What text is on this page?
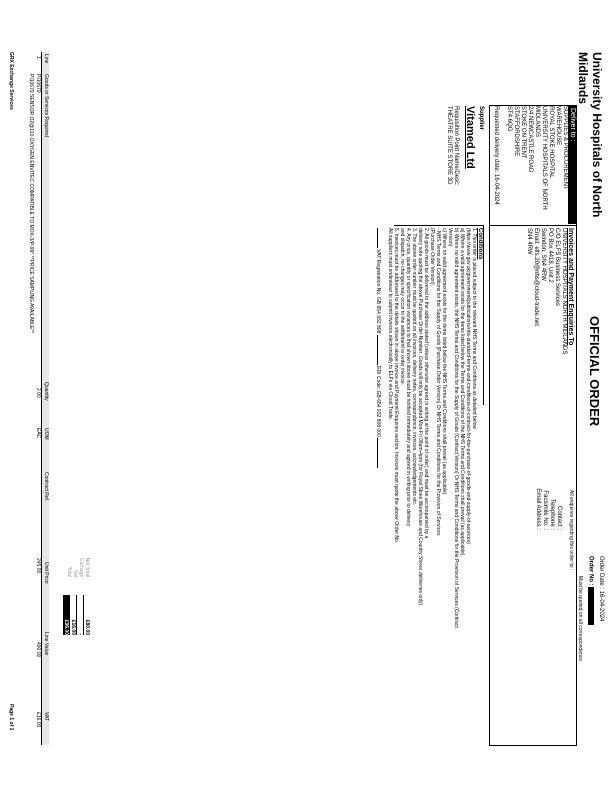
University Hospitals of North
Midlands
OFFICIAL ORDER
Order Date : 16-04-2024
Order No :
Must be quoted on all correspondence.
Deliver to :
SUPPLIES & PROCUREMENT WAREHOUSE
ROYAL STOKE HOSPITAL
UNIVERSITY HOSPITALS OF NORTH MIDLANDS
2/4 NEWCASTLE ROAD
STOKE ON TRENT
STAFFORDSHIRE
ST4 6QG
Requested delivery date: 16-04-2024
Invoices and Payment Enquiries To
UNIVERSITY HOSPITALS NORTH MIDLANDS
C/O ELFS Business Services
PO Box 4418, Unit 2
Swindon, SN4 4RW
Email: elfs.20@nhs@cloud-trade.net
SN4 4RW
All enquiries regarding this order to :
Contact :
Telephone :
Facsimile No. :
Email Address :
Supplier
Vitamed Ltd
Requisition Point Name/Desc:
THEATRE SUITE STORE 3D
Conditions
1. This order is placed subject to the relevant NHS Terms and Conditions as detailed below
(https://www.gov.uk/government/publications/nhs-standard-terms-and-conditions-of-contract-for-the-purchase-of-goods-and-supply-of-services)
a) Where a valid agreement exists for the items listed below the Terms and Conditions of the NHS Terms and Conditions shall prevail (as applicable).
b) Where no valid agreement exists, the NHS Terms and Conditions for the Supply of Goods (Contract Version) Or NHS Terms and Conditions for the Provision of Services (Contract
Version)
c) Where no valid agreement exists for the items listed below the NHS Terms and Conditions shall prevail (as applicable)
- NHS Terms and Conditions for the Supply of Goods (Purchase Order Version) Or NHS Terms and Conditions for the Provision of Services
(Purchase Order Version).
2. All goods must be delivered to the address stated (unless otherwise agreed in writing at the point of order) and must be accompanied by a
delivery note quoting the above Purchase Order Number. Goods will only be accepted Mon-Fri 08am-4pm (for Royal Stoke Warehouse and Country Stores deliveries only).
3. The above order number must be quoted on all invoices, delivery notes, correspondence, invoices, acknowledgements etc.
4. Any price, quantity or specification variances to that shown above must be notified immediately and agreed in writing prior to delivery
and dispatch, no changes may occur to the settlement or order invoice.
5. Invoices must be addressed to the details shown in above Invoice and Payment Enquiries section. Invoices must quote the above Order No.
All suppliers must endeavour to submit invoices electronically to ELFs via Cloud Trade.
VAT Registration No: GB 654 932 808  EDI Code: GB 654 932 808 000
Line
Goods or Services Required
Quantity
UOM
Contract Ref.
Unit Price
Line Value
VAT
1
PI10679
2.00
EAC
245.00
490.00
£16.00
PI10679 SENSOR O2@110 OXYGEN ENVITEC COMPATIBLE TO MOX-3/P-99* **PRICE SAMPLING AVAILABLE**
Net Total :
Carriage :
Vat :
Total :
£80.00
-
£16.00
£96.00
GRX Exchange Services
Page 1 of 1
